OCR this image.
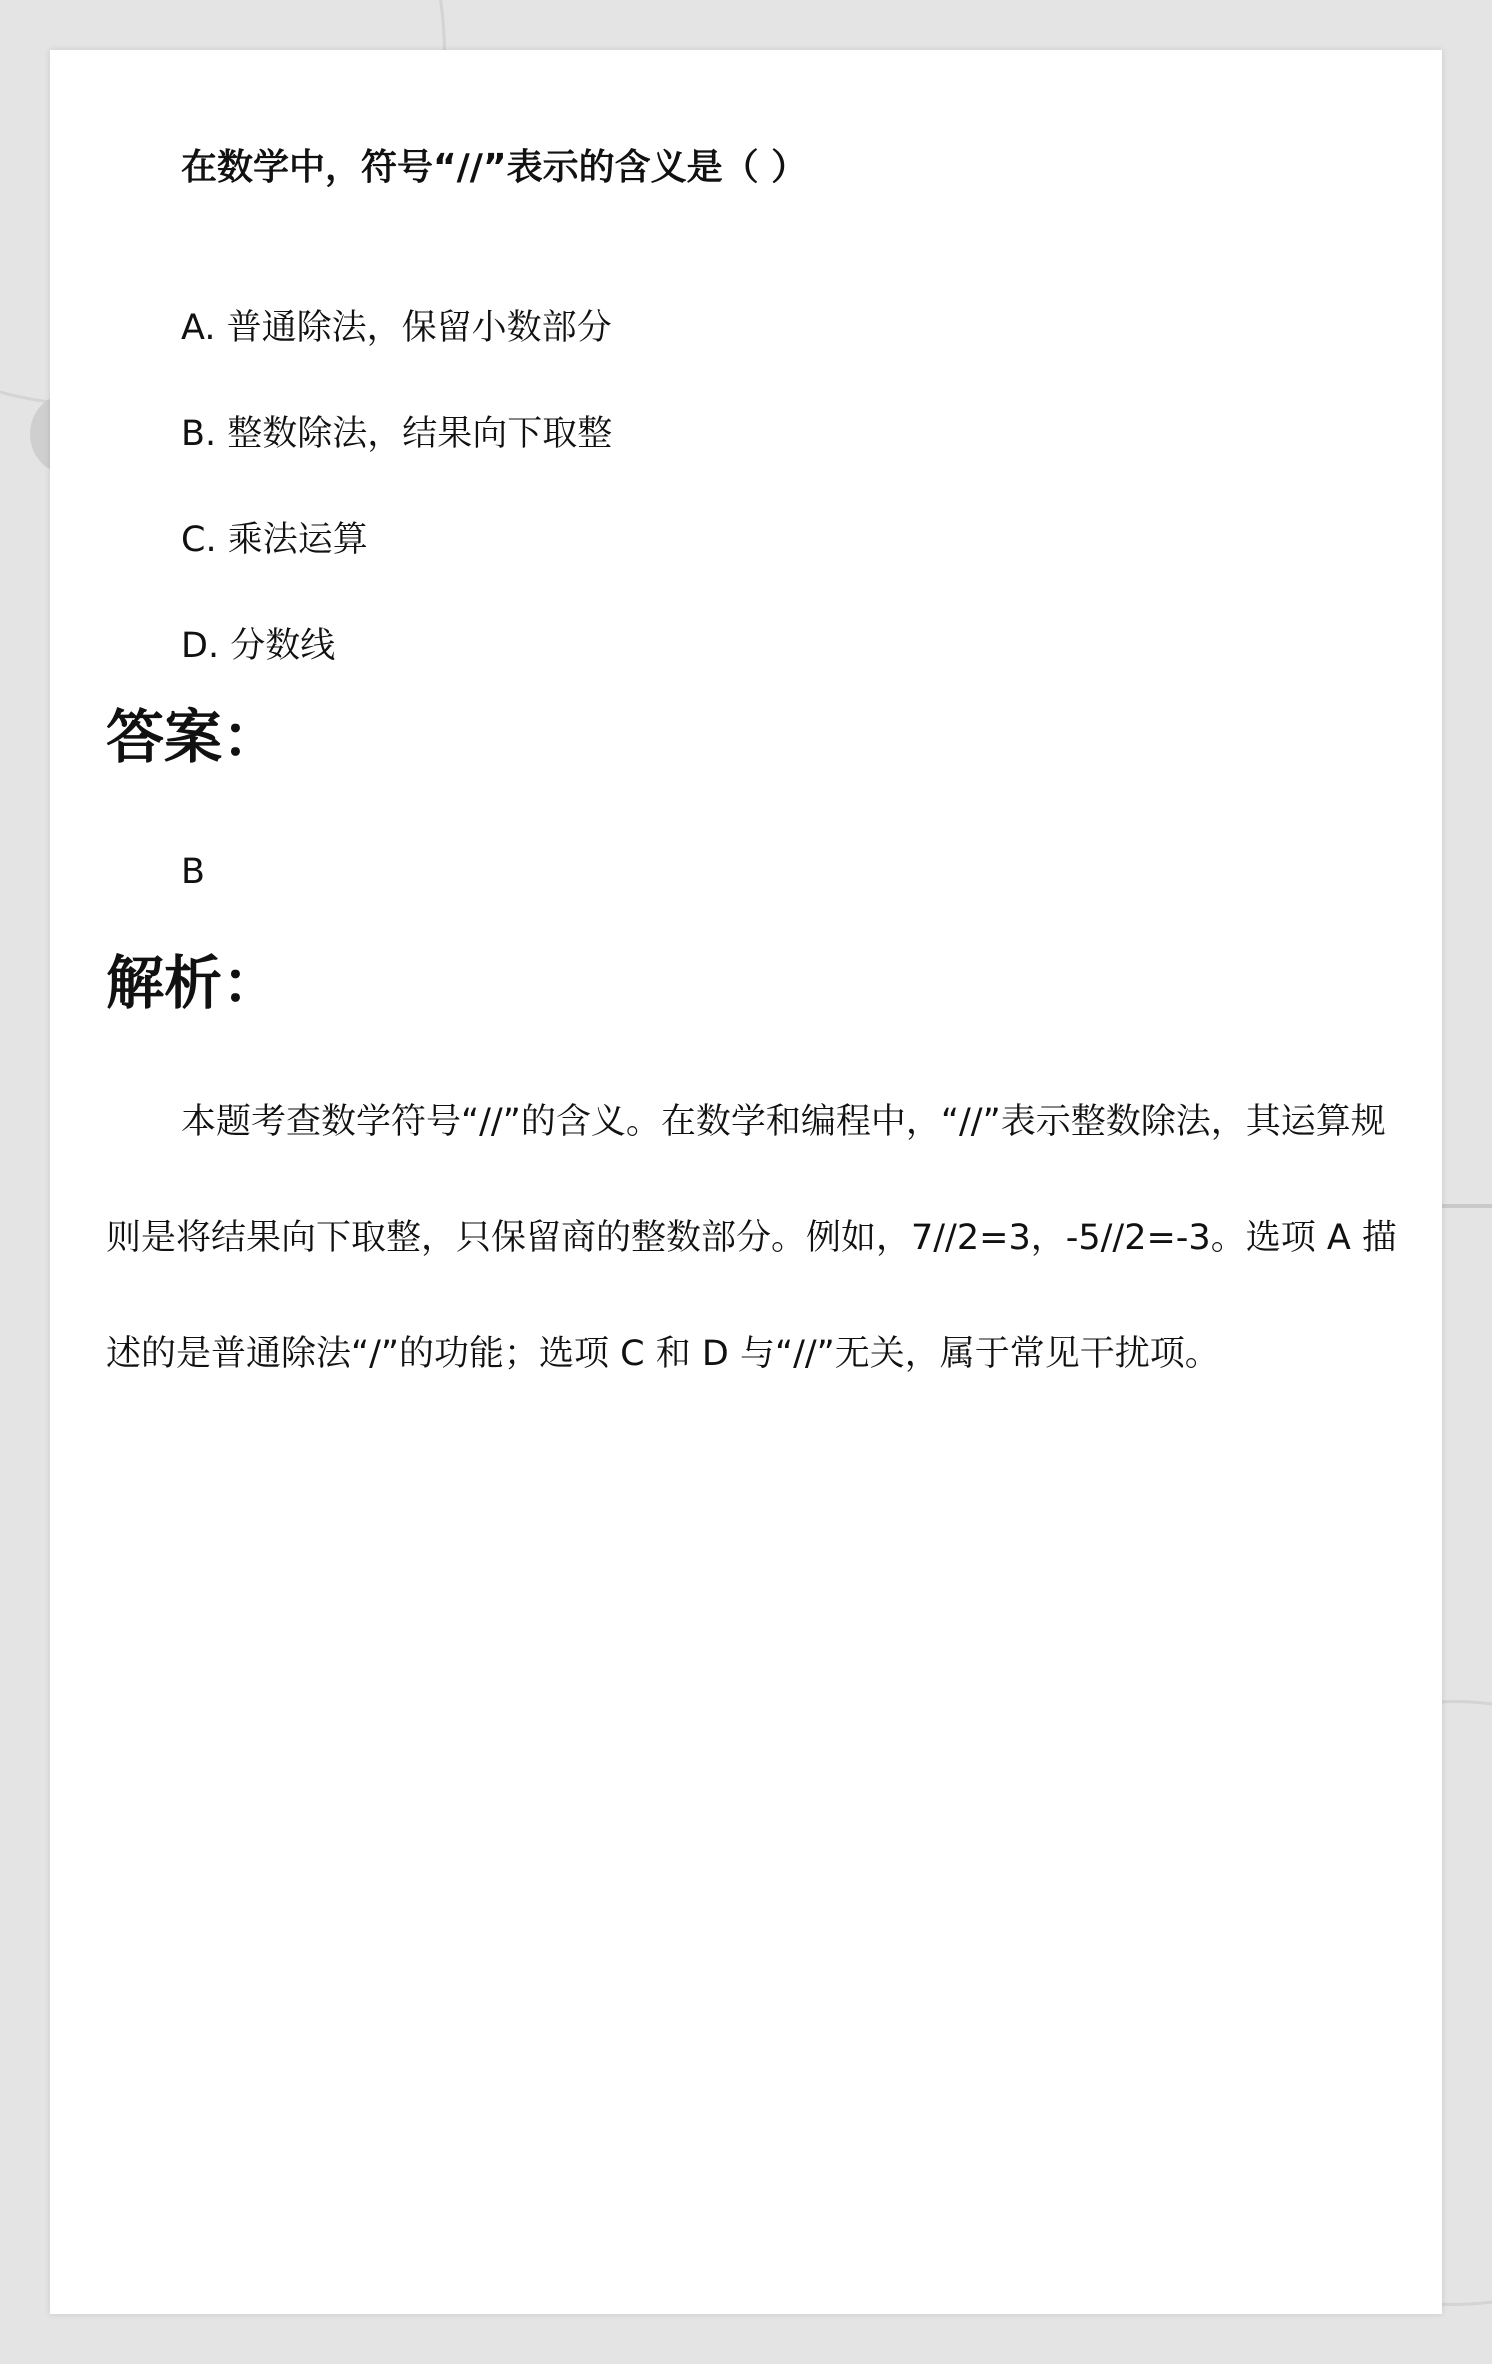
在数学中，符号“//”表示的含义是（ ）

A. 普通除法，保留小数部分

B. 整数除法，结果向下取整

C. 乘法运算

D. 分数线

答案：

B

解析：

本题考查数学符号“//”的含义。在数学和编程中，“//”表示整数除法，其运算规则是将结果向下取整，只保留商的整数部分。例如，7//2=3，-5//2=-3。选项 A 描述的是普通除法“/”的功能；选项 C 和 D 与“//”无关，属于常见干扰项。
